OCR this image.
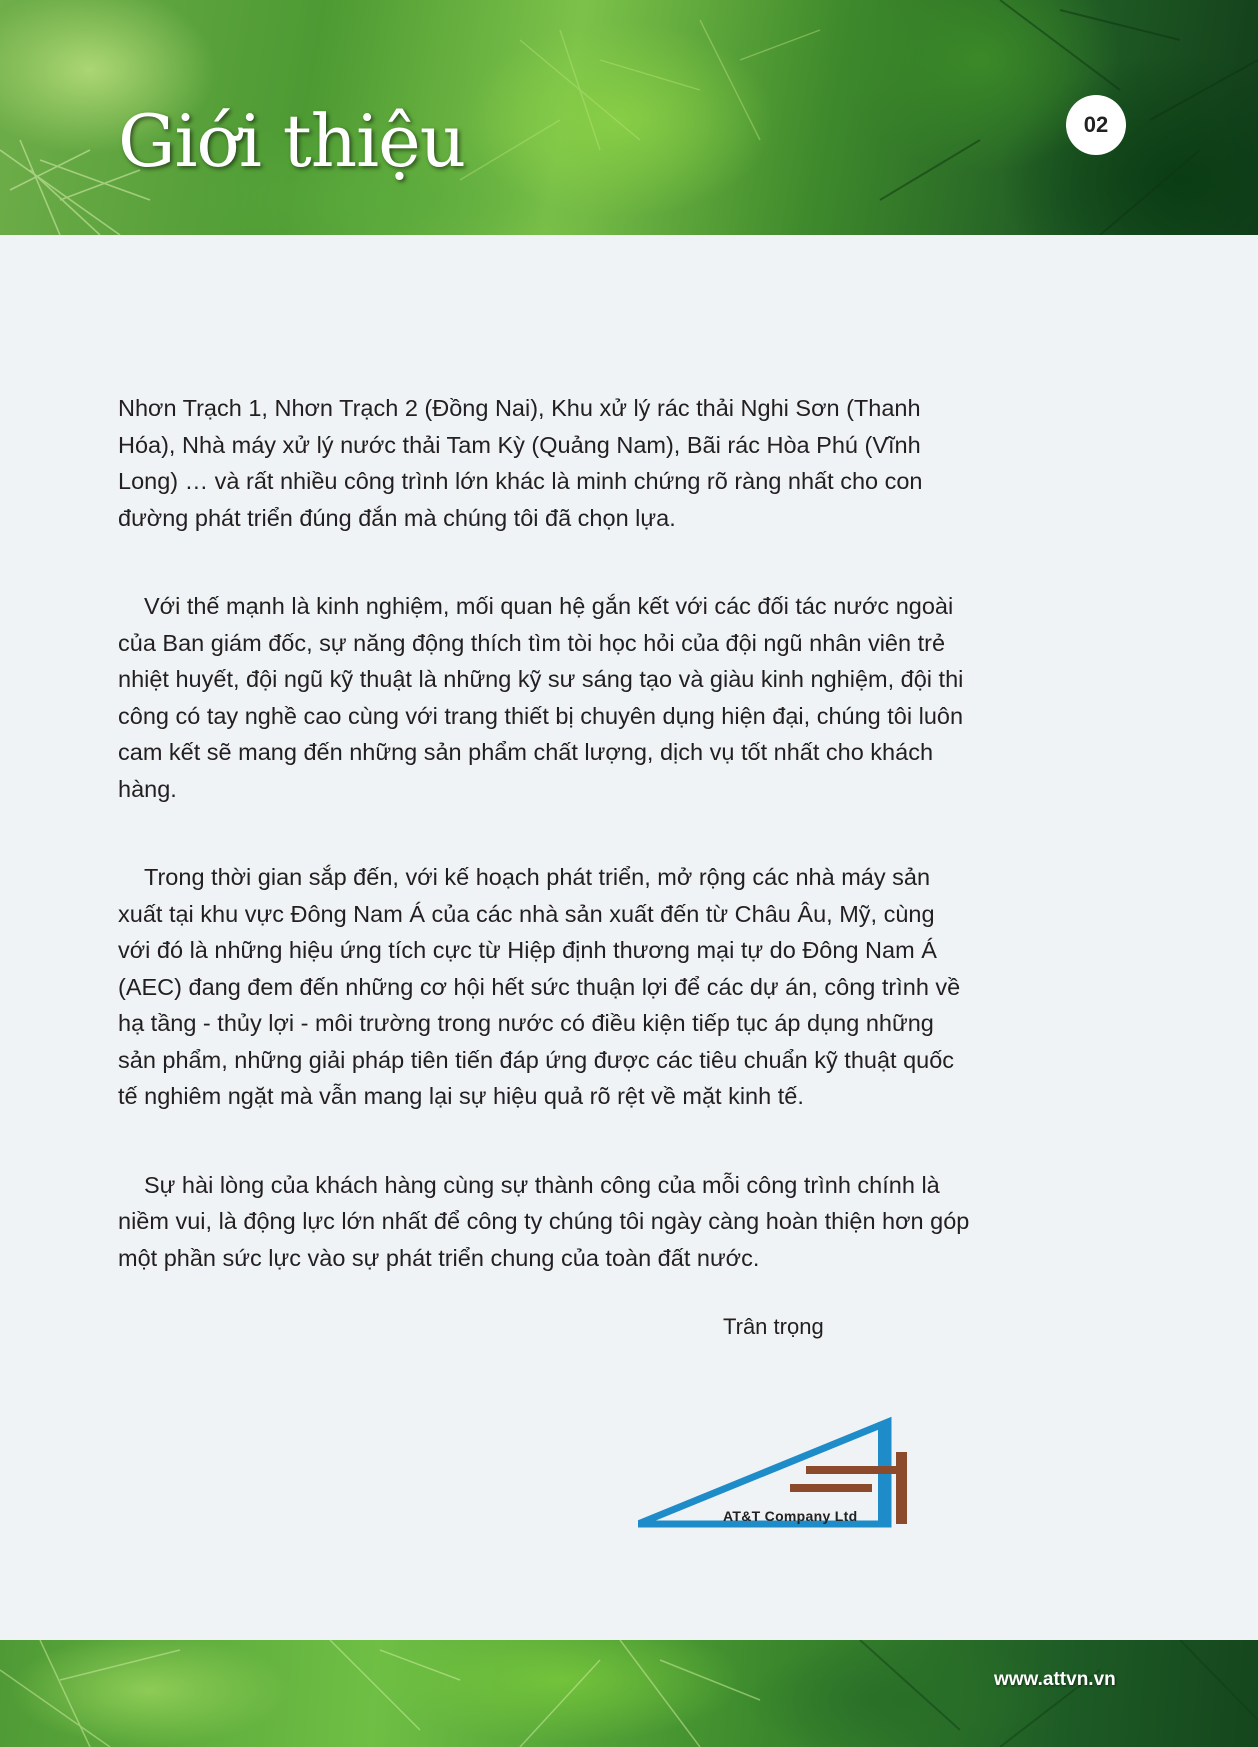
Giới thiệu	02

Nhơn Trạch 1, Nhơn Trạch 2 (Đồng Nai), Khu xử lý rác thải Nghi Sơn (Thanh Hóa), Nhà máy xử lý nước thải Tam Kỳ (Quảng Nam), Bãi rác Hòa Phú (Vĩnh Long) … và rất nhiều công trình lớn khác là minh chứng rõ ràng nhất cho con đường phát triển đúng đắn mà chúng tôi đã chọn lựa.

Với thế mạnh là kinh nghiệm, mối quan hệ gắn kết với các đối tác nước ngoài của Ban giám đốc, sự năng động thích tìm tòi học hỏi của đội ngũ nhân viên trẻ nhiệt huyết, đội ngũ kỹ thuật là những kỹ sư sáng tạo và giàu kinh nghiệm, đội thi công có tay nghề cao cùng với trang thiết bị chuyên dụng hiện đại, chúng tôi luôn cam kết sẽ mang đến những sản phẩm chất lượng, dịch vụ tốt nhất cho khách hàng.

Trong thời gian sắp đến, với kế hoạch phát triển, mở rộng các nhà máy sản xuất tại khu vực Đông Nam Á của các nhà sản xuất đến từ Châu Âu, Mỹ, cùng với đó là những hiệu ứng tích cực từ Hiệp định thương mại tự do Đông Nam Á (AEC) đang đem đến những cơ hội hết sức thuận lợi để các dự án, công trình về hạ tầng - thủy lợi - môi trường trong nước có điều kiện tiếp tục áp dụng những sản phẩm, những giải pháp tiên tiến đáp ứng được các tiêu chuẩn kỹ thuật quốc tế nghiêm ngặt mà vẫn mang lại sự hiệu quả rõ rệt về mặt kinh tế.

Sự hài lòng của khách hàng cùng sự thành công của mỗi công trình chính là niềm vui, là động lực lớn nhất để công ty chúng tôi ngày càng hoàn thiện hơn góp một phần sức lực vào sự phát triển chung của toàn đất nước.

Trân trọng
AT&T Company Ltd
www.attvn.vn
